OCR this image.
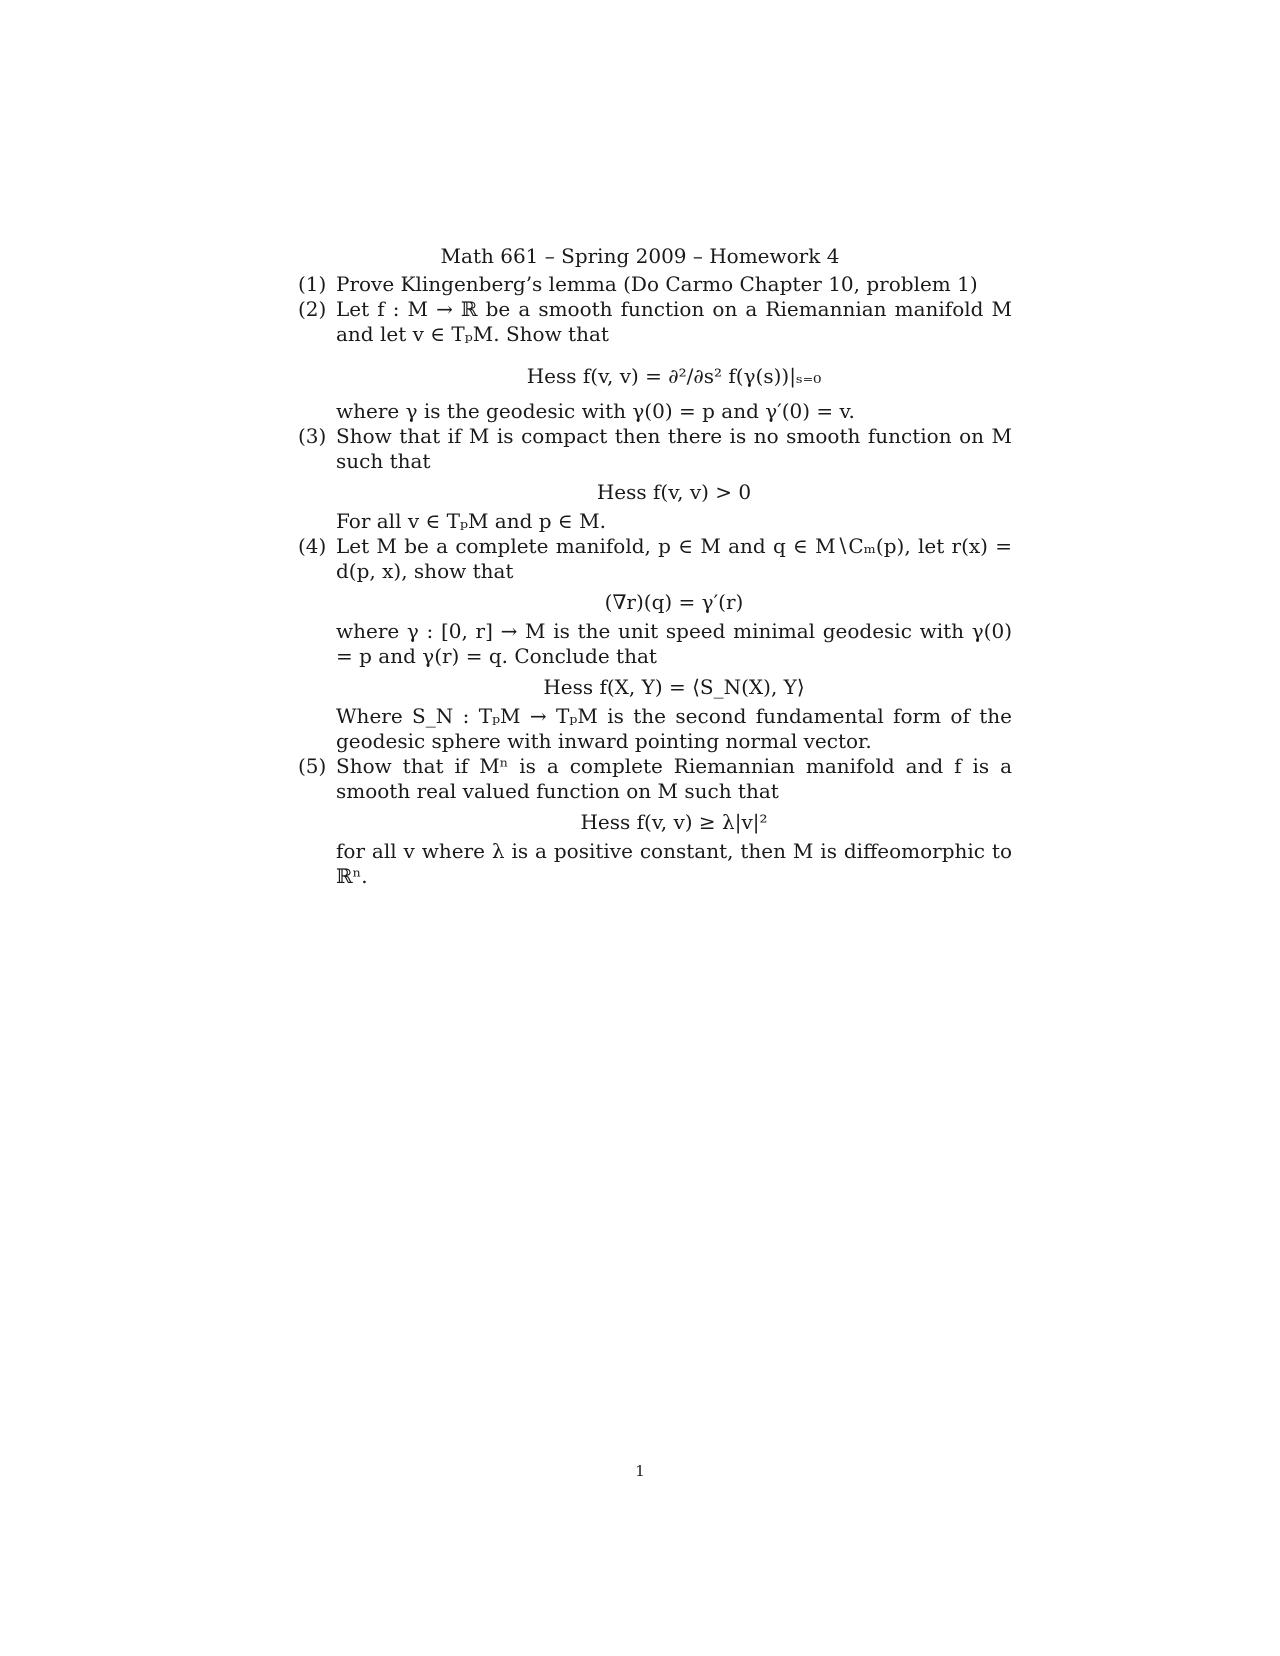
Math 661 – Spring 2009 – Homework 4
(1) Prove Klingenberg’s lemma (Do Carmo Chapter 10, problem 1)
(2) Let f : M → ℝ be a smooth function on a Riemannian manifold M and let v ∈ TₚM. Show that
Hess f(v, v) = ∂²/∂s² f(γ(s))|ₛ₌₀
where γ is the geodesic with γ(0) = p and γ′(0) = v.
(3) Show that if M is compact then there is no smooth function on M such that
Hess f(v, v) > 0
For all v ∈ TₚM and p ∈ M.
(4) Let M be a complete manifold, p ∈ M and q ∈ M∖Cₘ(p), let r(x) = d(p, x), show that
(∇r)(q) = γ′(r)
where γ : [0, r] → M is the unit speed minimal geodesic with γ(0) = p and γ(r) = q. Conclude that
Hess f(X, Y) = ⟨S_N(X), Y⟩
Where S_N : TₚM → TₚM is the second fundamental form of the geodesic sphere with inward pointing normal vector.
(5) Show that if Mⁿ is a complete Riemannian manifold and f is a smooth real valued function on M such that
Hess f(v, v) ≥ λ|v|²
for all v where λ is a positive constant, then M is diffeomorphic to ℝⁿ.
1
